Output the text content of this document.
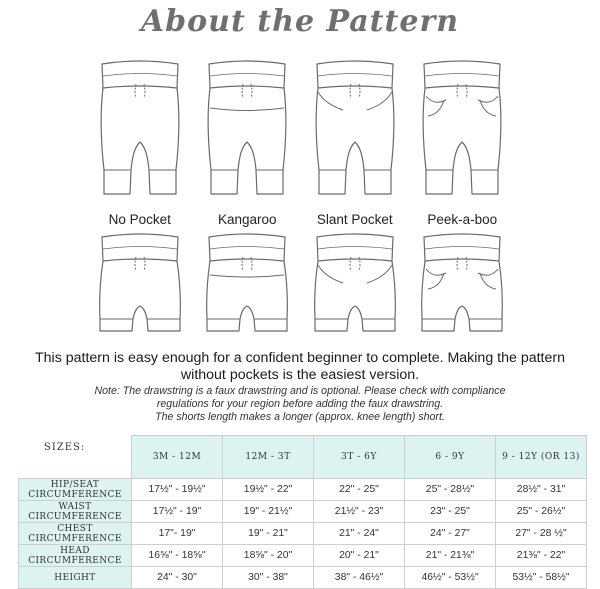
About the Pattern
No Pocket	Kangaroo	Slant Pocket	Peek-a-boo
This pattern is easy enough for a confident beginner to complete. Making the pattern without pockets is the easiest version.
Note: The drawstring is a faux drawstring and is optional. Please check with compliance
regulations for your region before adding the faux drawstring.
The shorts length makes a longer (approx. knee length) short.
SIZES:
	3M - 12M	12M - 3T	3T - 6Y	6 - 9Y	9 - 12Y (OR 13)
HIP/SEAT CIRCUMFERENCE	17½" - 19½"	19½" - 22"	22" - 25"	25" - 28½"	28½" - 31"
WAIST CIRCUMFERENCE	17½" - 19"	19" - 21½"	21½" - 23"	23" - 25"	25" - 26½"
CHEST CIRCUMFERENCE	17"- 19"	19" - 21"	21" - 24"	24" - 27"	27" - 28 ½"
HEAD CIRCUMFERENCE	16⅝" - 18⅝"	18⅝" - 20"	20" - 21"	21" - 21⅜"	21⅜" - 22"
HEIGHT	24" - 30"	30" - 38"	38" - 46½"	46½" - 53½"	53½" - 58½"
